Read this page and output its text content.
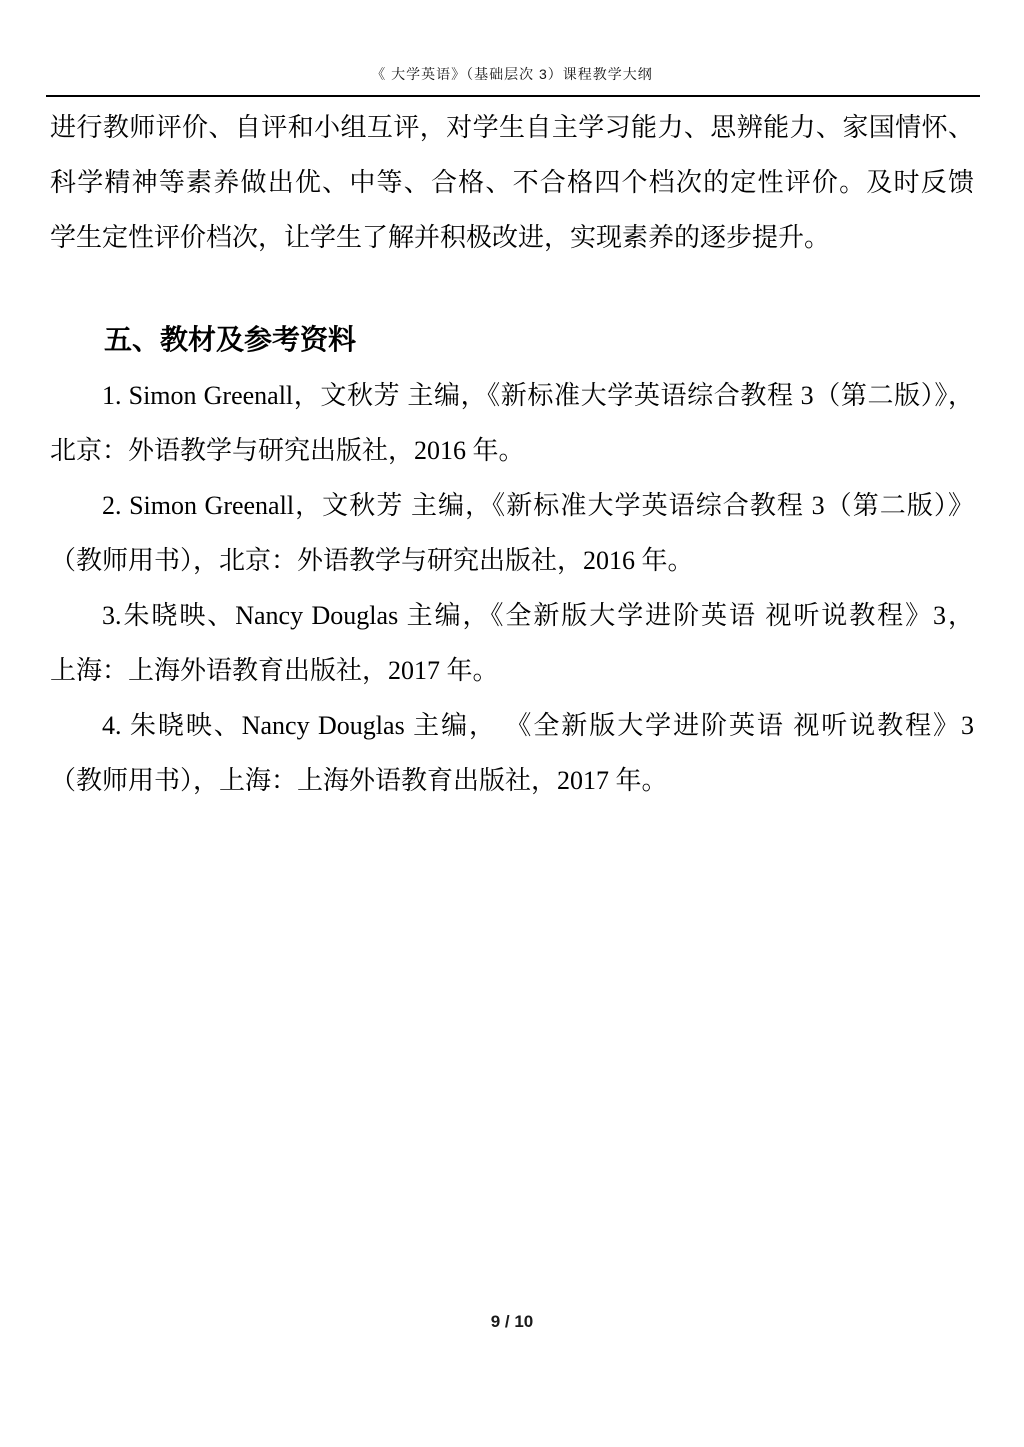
《 大学英语》（基础层次 3）课程教学大纲
进行教师评价、自评和小组互评，对学生自主学习能力、思辨能力、家国情怀、
科学精神等素养做出优、中等、合格、不合格四个档次的定性评价。及时反馈
学生定性评价档次，让学生了解并积极改进，实现素养的逐步提升。
五、教材及参考资料
1. Simon Greenall，文秋芳 主编，《新标准大学英语综合教程 3（第二版）》，
北京：外语教学与研究出版社，2016 年。
2. Simon Greenall，文秋芳 主编，《新标准大学英语综合教程 3（第二版）》
（教师用书），北京：外语教学与研究出版社，2016 年。
3.朱晓映、Nancy Douglas 主编，《全新版大学进阶英语 视听说教程》3，
上海：上海外语教育出版社，2017 年。
4. 朱晓映、Nancy Douglas 主编， 《全新版大学进阶英语 视听说教程》3
（教师用书），上海：上海外语教育出版社，2017 年。
9 / 10
